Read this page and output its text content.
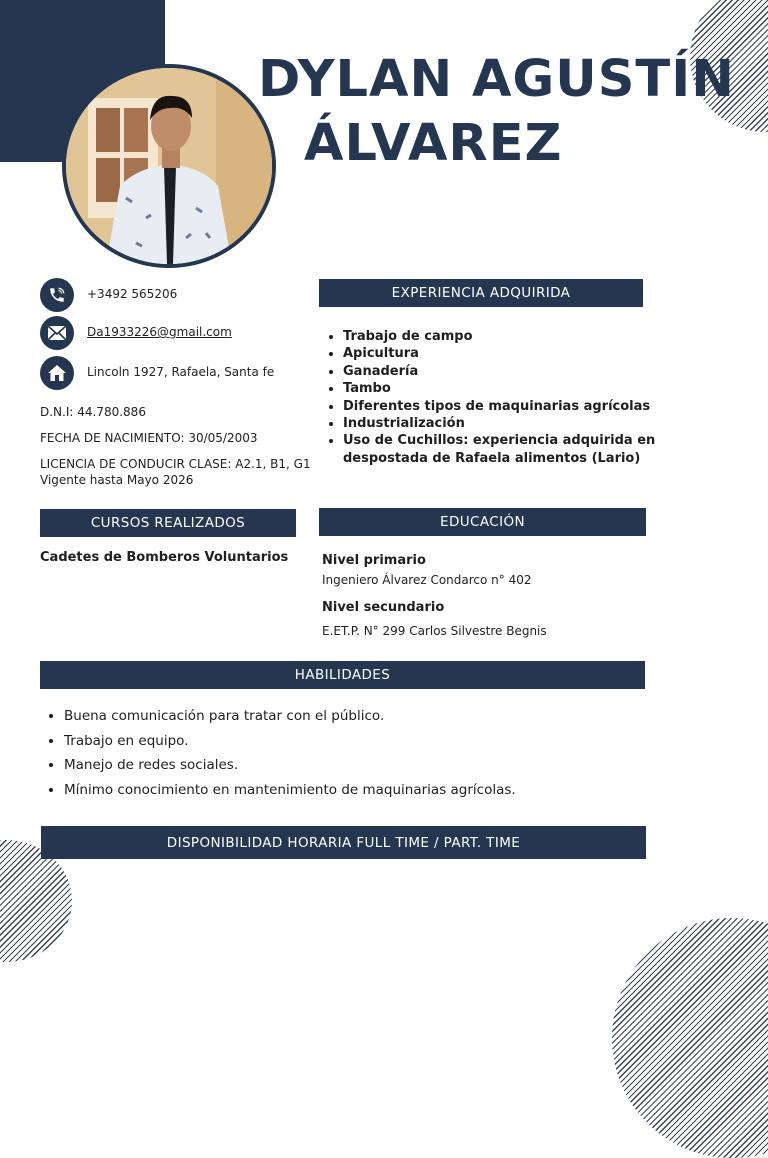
DYLAN AGUSTÍN
ÁLVAREZ
+3492 565206
Da1933226@gmail.com
Lincoln 1927, Rafaela, Santa fe
D.N.I: 44.780.886
FECHA DE NACIMIENTO: 30/05/2003
LICENCIA DE CONDUCIR CLASE: A2.1, B1, G1
Vigente hasta Mayo 2026
EXPERIENCIA ADQUIRIDA
• Trabajo de campo
• Apicultura
• Ganadería
• Tambo
• Diferentes tipos de maquinarias agrícolas
• Industrialización
• Uso de Cuchillos: experiencia adquirida en despostada de Rafaela alimentos (Lario)
CURSOS REALIZADOS
Cadetes de Bomberos Voluntarios
EDUCACIÓN
Nivel primario
Ingeniero Álvarez Condarco n° 402
Nivel secundario
E.ET.P. N° 299 Carlos Silvestre Begnis
HABILIDADES
• Buena comunicación para tratar con el público.
• Trabajo en equipo.
• Manejo de redes sociales.
• Mínimo conocimiento en mantenimiento de maquinarias agrícolas.
DISPONIBILIDAD HORARIA FULL TIME / PART. TIME
